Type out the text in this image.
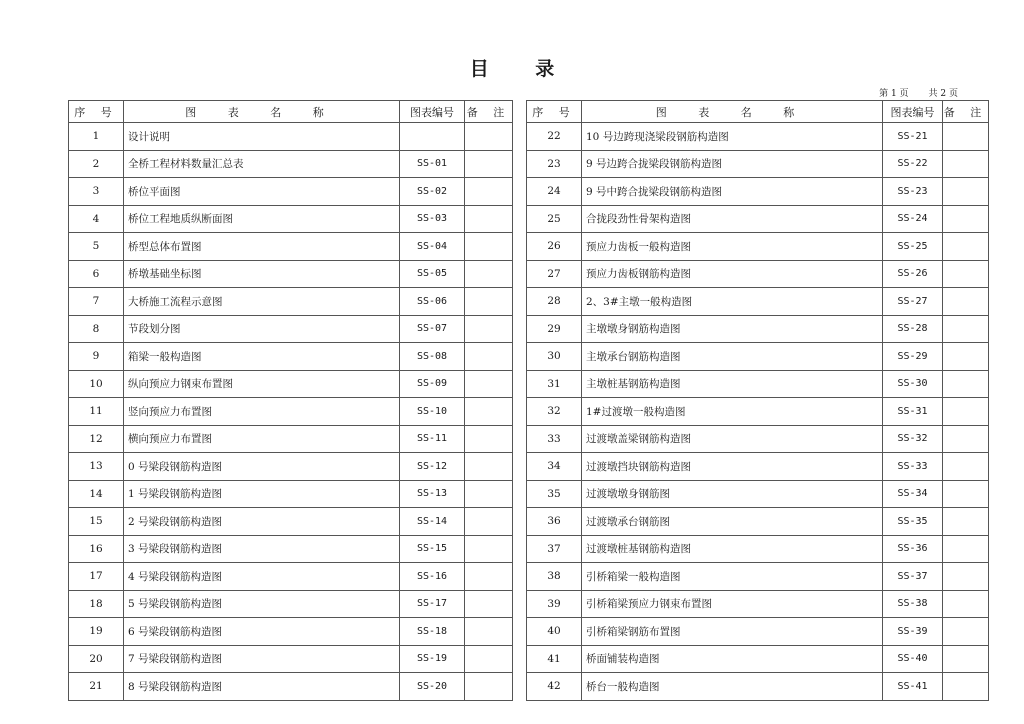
目 录
第 1 页 共 2 页
序 号	图 表 名 称	图表编号	备 注
1	设计说明		
2	全桥工程材料数量汇总表	SS-01	
3	桥位平面图	SS-02	
4	桥位工程地质纵断面图	SS-03	
5	桥型总体布置图	SS-04	
6	桥墩基础坐标图	SS-05	
7	大桥施工流程示意图	SS-06	
8	节段划分图	SS-07	
9	箱梁一般构造图	SS-08	
10	纵向预应力钢束布置图	SS-09	
11	竖向预应力布置图	SS-10	
12	横向预应力布置图	SS-11	
13	0 号梁段钢筋构造图	SS-12	
14	1 号梁段钢筋构造图	SS-13	
15	2 号梁段钢筋构造图	SS-14	
16	3 号梁段钢筋构造图	SS-15	
17	4 号梁段钢筋构造图	SS-16	
18	5 号梁段钢筋构造图	SS-17	
19	6 号梁段钢筋构造图	SS-18	
20	7 号梁段钢筋构造图	SS-19	
21	8 号梁段钢筋构造图	SS-20	
序 号	图 表 名 称	图表编号	备 注
22	10 号边跨现浇梁段钢筋构造图	SS-21	
23	9 号边跨合拢梁段钢筋构造图	SS-22	
24	9 号中跨合拢梁段钢筋构造图	SS-23	
25	合拢段劲性骨架构造图	SS-24	
26	预应力齿板一般构造图	SS-25	
27	预应力齿板钢筋构造图	SS-26	
28	2、3#主墩一般构造图	SS-27	
29	主墩墩身钢筋构造图	SS-28	
30	主墩承台钢筋构造图	SS-29	
31	主墩桩基钢筋构造图	SS-30	
32	1#过渡墩一般构造图	SS-31	
33	过渡墩盖梁钢筋构造图	SS-32	
34	过渡墩挡块钢筋构造图	SS-33	
35	过渡墩墩身钢筋图	SS-34	
36	过渡墩承台钢筋图	SS-35	
37	过渡墩桩基钢筋构造图	SS-36	
38	引桥箱梁一般构造图	SS-37	
39	引桥箱梁预应力钢束布置图	SS-38	
40	引桥箱梁钢筋布置图	SS-39	
41	桥面铺装构造图	SS-40	
42	桥台一般构造图	SS-41	
